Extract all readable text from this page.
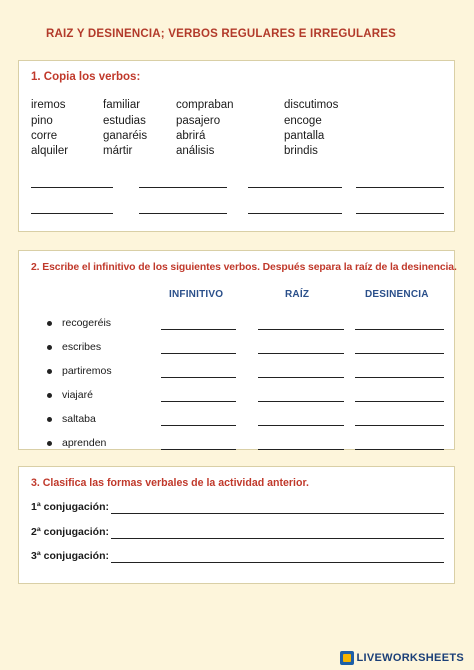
RAIZ Y DESINENCIA; VERBOS REGULARES E IRREGULARES
1. Copia los verbos:
iremos	familiar	compraban	discutimos
pino	estudias	pasajero	encoge
corre	ganaréis	abrirá	pantalla
alquiler	mártir	análisis	brindis
2. Escribe el infinitivo de los siguientes verbos. Después separa la raíz de la desinencia.
INFINITIVO	RAÍZ	DESINENCIA
recogeréis
escribes
partiremos
viajaré
saltaba
aprenden
3. Clasifica las formas verbales de la actividad anterior.
1ª conjugación:
2ª conjugación:
3ª conjugación:
LIVEWORKSHEETS
